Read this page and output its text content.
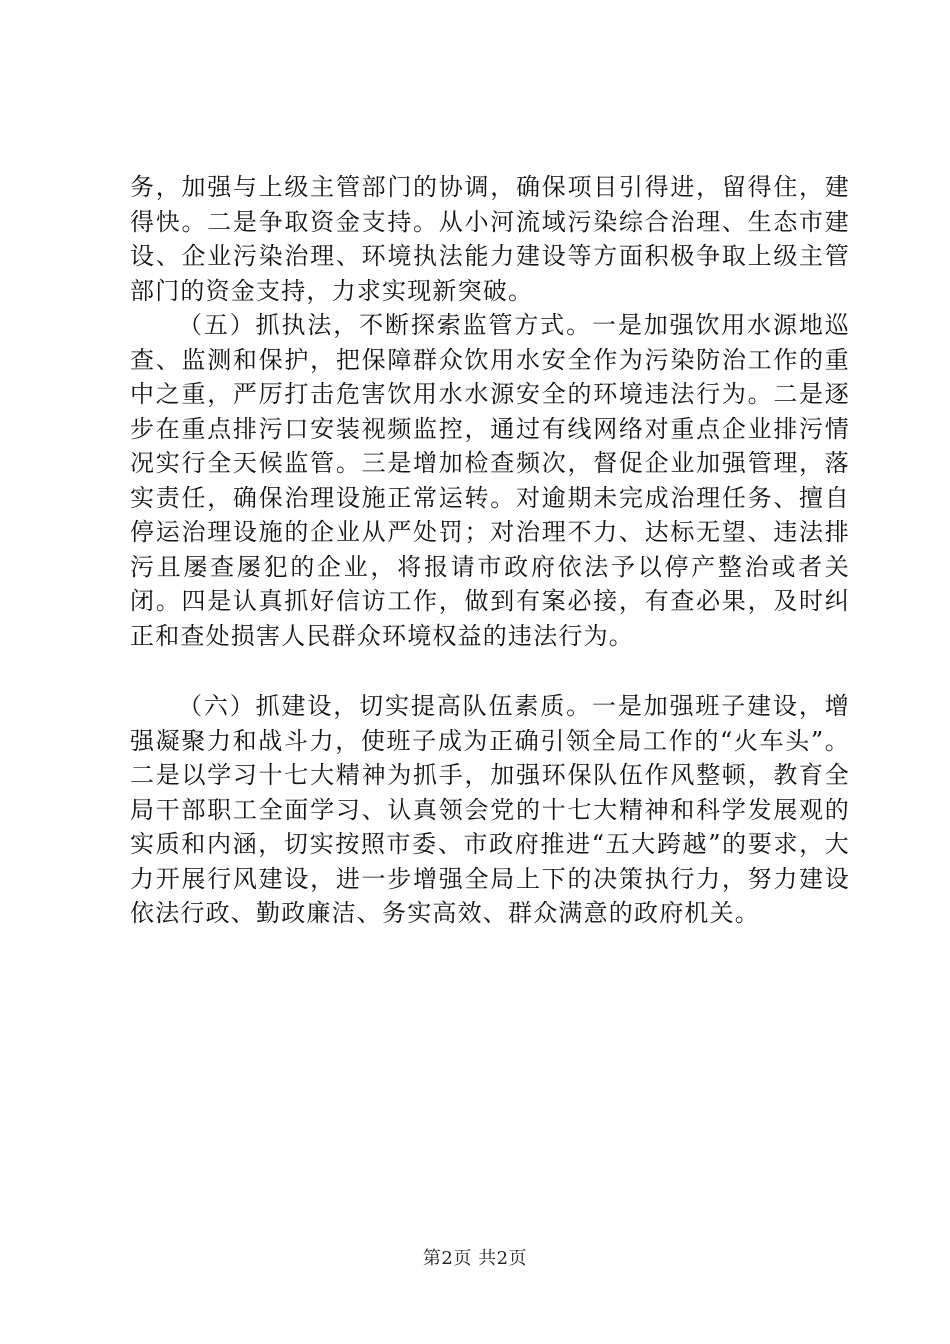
务，加强与上级主管部门的协调，确保项目引得进，留得住，建得快。二是争取资金支持。从小河流域污染综合治理、生态市建设、企业污染治理、环境执法能力建设等方面积极争取上级主管部门的资金支持，力求实现新突破。

（五）抓执法，不断探索监管方式。一是加强饮用水源地巡查、监测和保护，把保障群众饮用水安全作为污染防治工作的重中之重，严厉打击危害饮用水水源安全的环境违法行为。二是逐步在重点排污口安装视频监控，通过有线网络对重点企业排污情况实行全天候监管。三是增加检查频次，督促企业加强管理，落实责任，确保治理设施正常运转。对逾期未完成治理任务、擅自停运治理设施的企业从严处罚；对治理不力、达标无望、违法排污且屡查屡犯的企业，将报请市政府依法予以停产整治或者关闭。四是认真抓好信访工作，做到有案必接，有查必果，及时纠正和查处损害人民群众环境权益的违法行为。

（六）抓建设，切实提高队伍素质。一是加强班子建设，增强凝聚力和战斗力，使班子成为正确引领全局工作的“火车头”。二是以学习十七大精神为抓手，加强环保队伍作风整顿，教育全局干部职工全面学习、认真领会党的十七大精神和科学发展观的实质和内涵，切实按照市委、市政府推进“五大跨越”的要求，大力开展行风建设，进一步增强全局上下的决策执行力，努力建设依法行政、勤政廉洁、务实高效、群众满意的政府机关。

第2页 共2页
